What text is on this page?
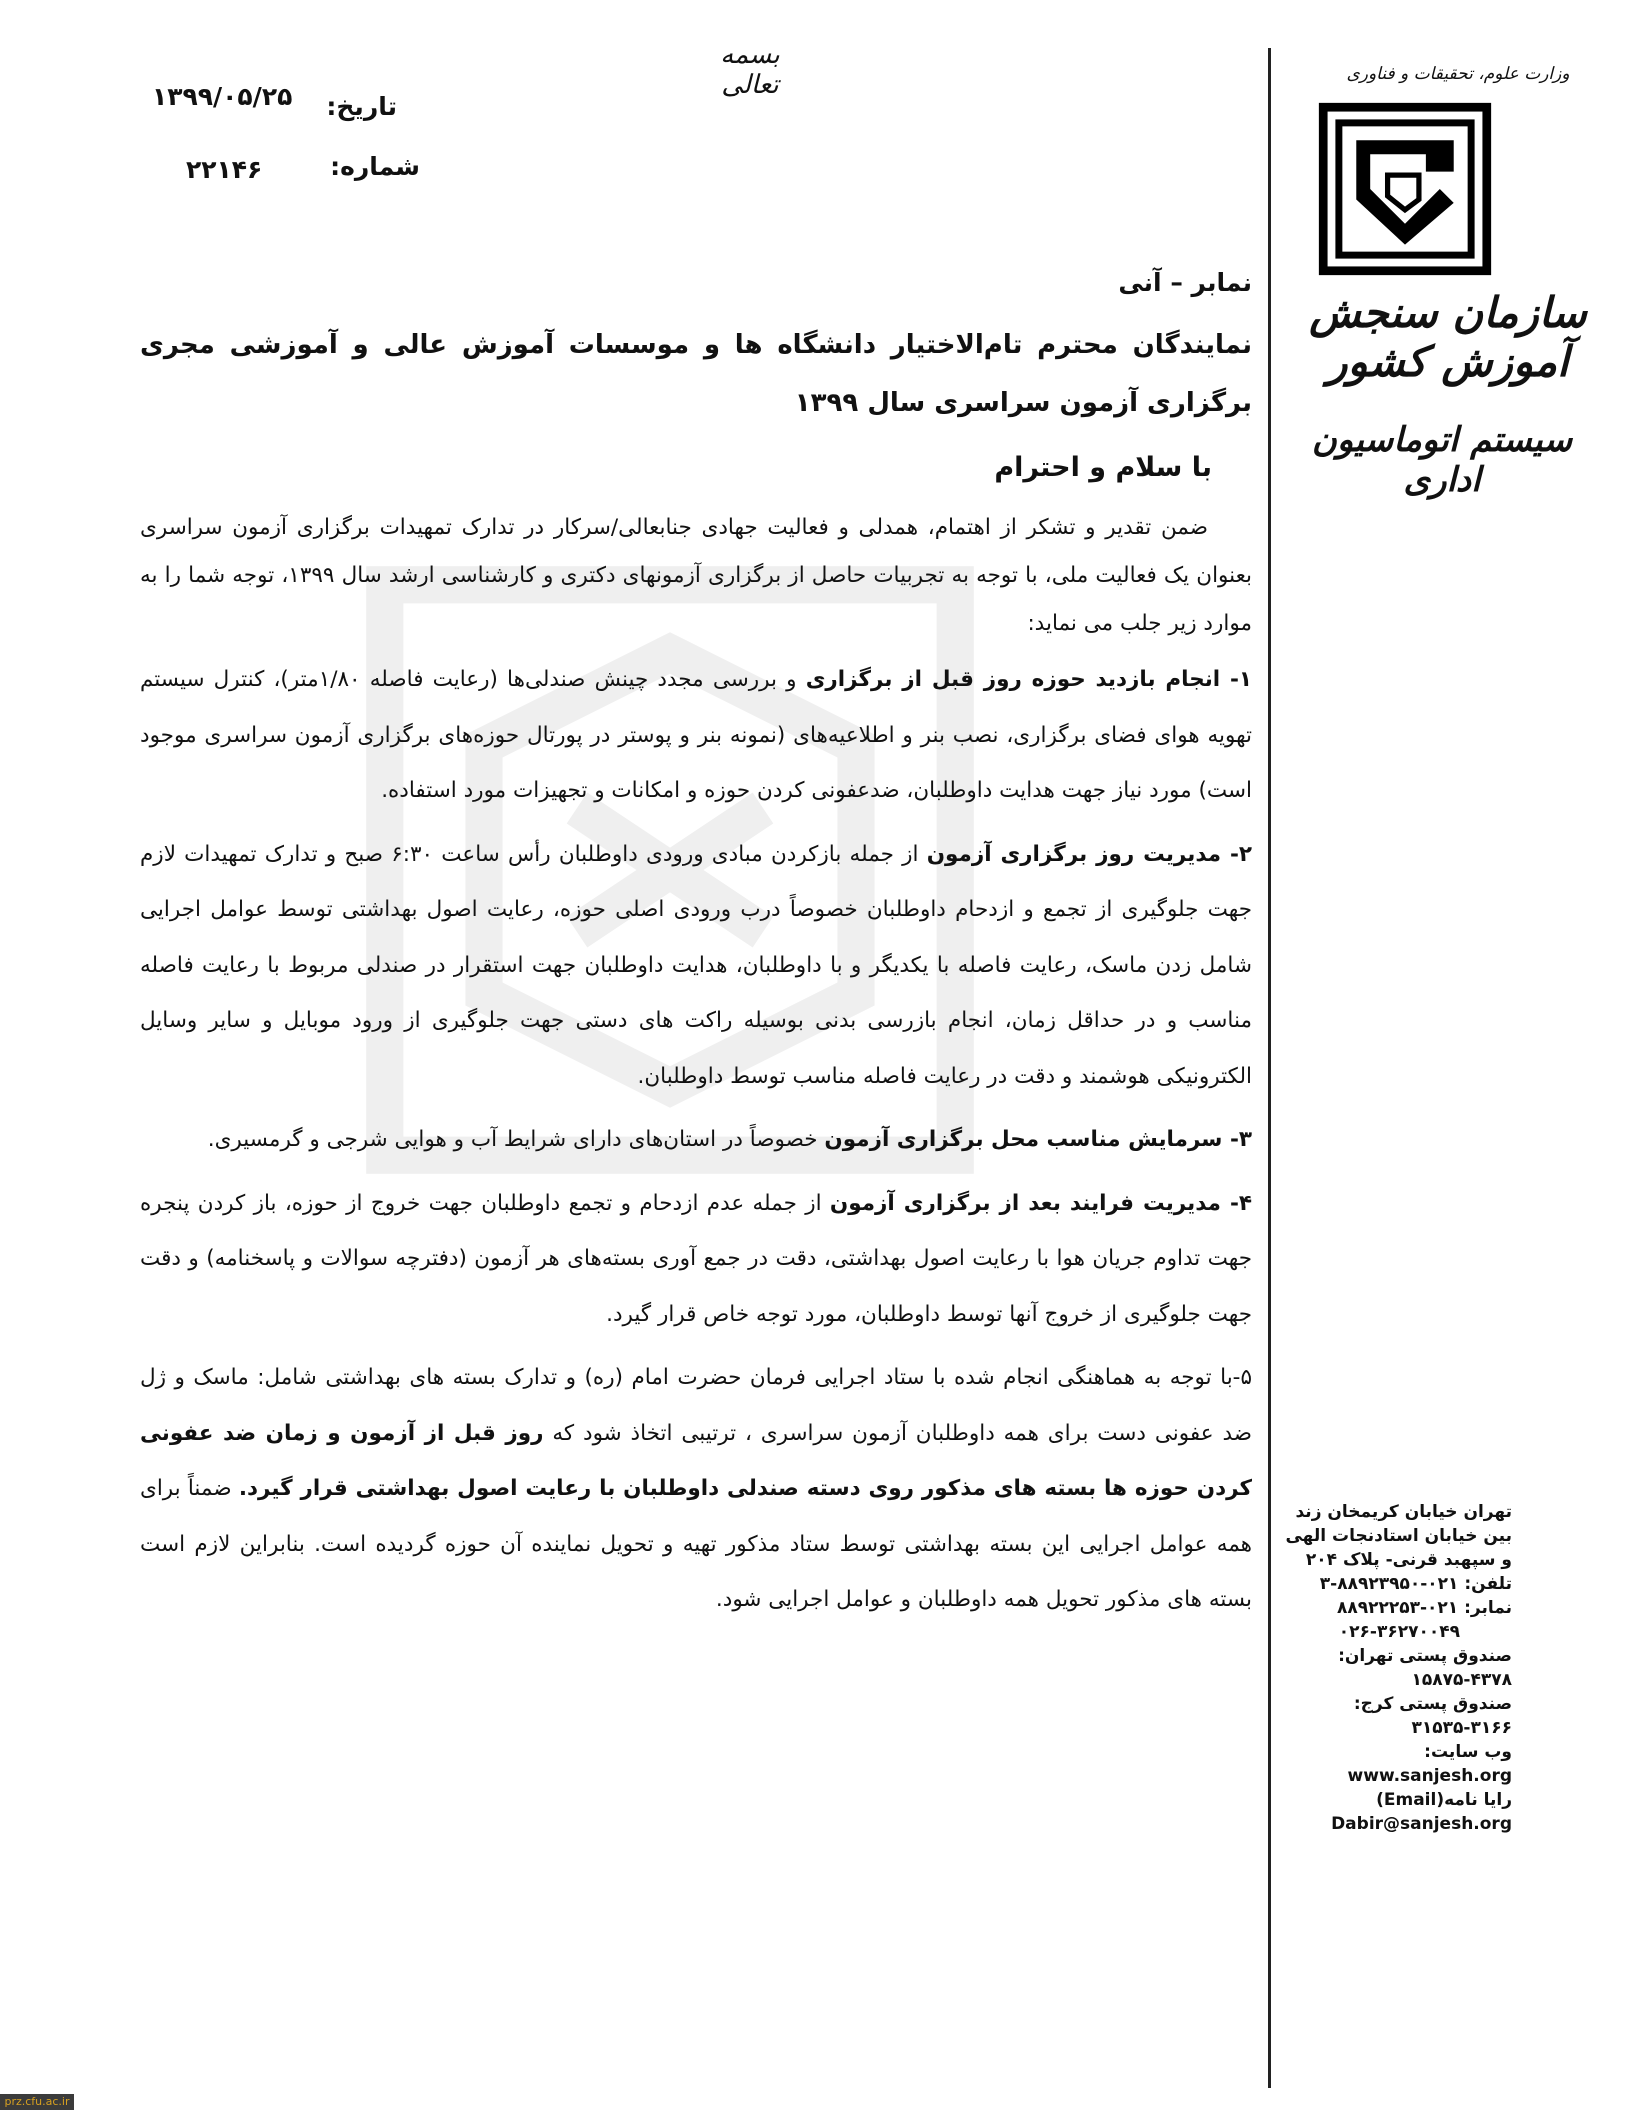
بسمه تعالی
تاریخ:
۱۳۹۹/۰۵/۲۵
شماره:
۲۲۱۴۶
وزارت علوم، تحقیقات و فناوری
سازمان سنجش آموزش کشور
سیستم اتوماسیون اداری
تهران خیابان کریمخان زند
بین خیابان استادنجات الهی
و سپهبد قرنی- پلاک ۲۰۴
تلفن: ۰۲۱-۸۸۹۲۳۹۵۰-۳
نمابر: ۰۲۱-۸۸۹۲۲۲۵۳
۰۲۶-۳۶۲۷۰۰۴۹
صندوق پستی تهران:
۱۵۸۷۵-۴۳۷۸
صندوق پستی کرج:
۳۱۵۳۵-۳۱۶۶
وب سایت:
www.sanjesh.org
رایا نامه(Email)
Dabir@sanjesh.org
نمابر – آنی
نمایندگان محترم تام‌الاختیار دانشگاه ها و موسسات آموزش عالی و آموزشی مجری برگزاری آزمون سراسری سال ۱۳۹۹
با سلام و احترام

ضمن تقدیر و تشکر از اهتمام، همدلی و فعالیت جهادی جنابعالی/سرکار در تدارک تمهیدات برگزاری آزمون سراسری بعنوان یک فعالیت ملی، با توجه به تجربیات حاصل از برگزاری آزمونهای دکتری و کارشناسی ارشد سال ۱۳۹۹، توجه شما را به موارد زیر جلب می نماید:

۱- انجام بازدید حوزه روز قبل از برگزاری و بررسی مجدد چینش صندلی‌ها (رعایت فاصله ۱/۸۰متر)، کنترل سیستم تهویه هوای فضای برگزاری، نصب بنر و اطلاعیه‌های (نمونه بنر و پوستر در پورتال حوزه‌های برگزاری آزمون سراسری موجود است) مورد نیاز جهت هدایت داوطلبان، ضدعفونی کردن حوزه و امکانات و تجهیزات مورد استفاده.

۲- مدیریت روز برگزاری آزمون از جمله بازکردن مبادی ورودی داوطلبان رأس ساعت ۶:۳۰ صبح و تدارک تمهیدات لازم جهت جلوگیری از تجمع و ازدحام داوطلبان خصوصاً درب ورودی اصلی حوزه، رعایت اصول بهداشتی توسط عوامل اجرایی شامل زدن ماسک، رعایت فاصله با یکدیگر و با داوطلبان، هدایت داوطلبان جهت استقرار در صندلی مربوط با رعایت فاصله مناسب و در حداقل زمان، انجام بازرسی بدنی بوسیله راکت های دستی جهت جلوگیری از ورود موبایل و سایر وسایل الکترونیکی هوشمند و دقت در رعایت فاصله مناسب توسط داوطلبان.

۳- سرمایش مناسب محل برگزاری آزمون خصوصاً در استان‌های دارای شرایط آب و هوایی شرجی و گرمسیری.

۴- مدیریت فرایند بعد از برگزاری آزمون از جمله عدم ازدحام و تجمع داوطلبان جهت خروج از حوزه، باز کردن پنجره جهت تداوم جریان هوا با رعایت اصول بهداشتی، دقت در جمع آوری بسته‌های هر آزمون (دفترچه سوالات و پاسخنامه) و دقت جهت جلوگیری از خروج آنها توسط داوطلبان، مورد توجه خاص قرار گیرد.

۵-با توجه به هماهنگی انجام شده با ستاد اجرایی فرمان حضرت امام (ره) و تدارک بسته های بهداشتی شامل: ماسک و ژل ضد عفونی دست برای همه داوطلبان آزمون سراسری ، ترتیبی اتخاذ شود که روز قبل از آزمون و زمان ضد عفونی کردن حوزه ها بسته های مذکور روی دسته صندلی داوطلبان با رعایت اصول بهداشتی قرار گیرد. ضمناً برای همه عوامل اجرایی این بسته بهداشتی توسط ستاد مذکور تهیه و تحویل نماینده آن حوزه گردیده است. بنابراین لازم است بسته های مذکور تحویل همه داوطلبان و عوامل اجرایی شود.

prz.cfu.ac.ir
